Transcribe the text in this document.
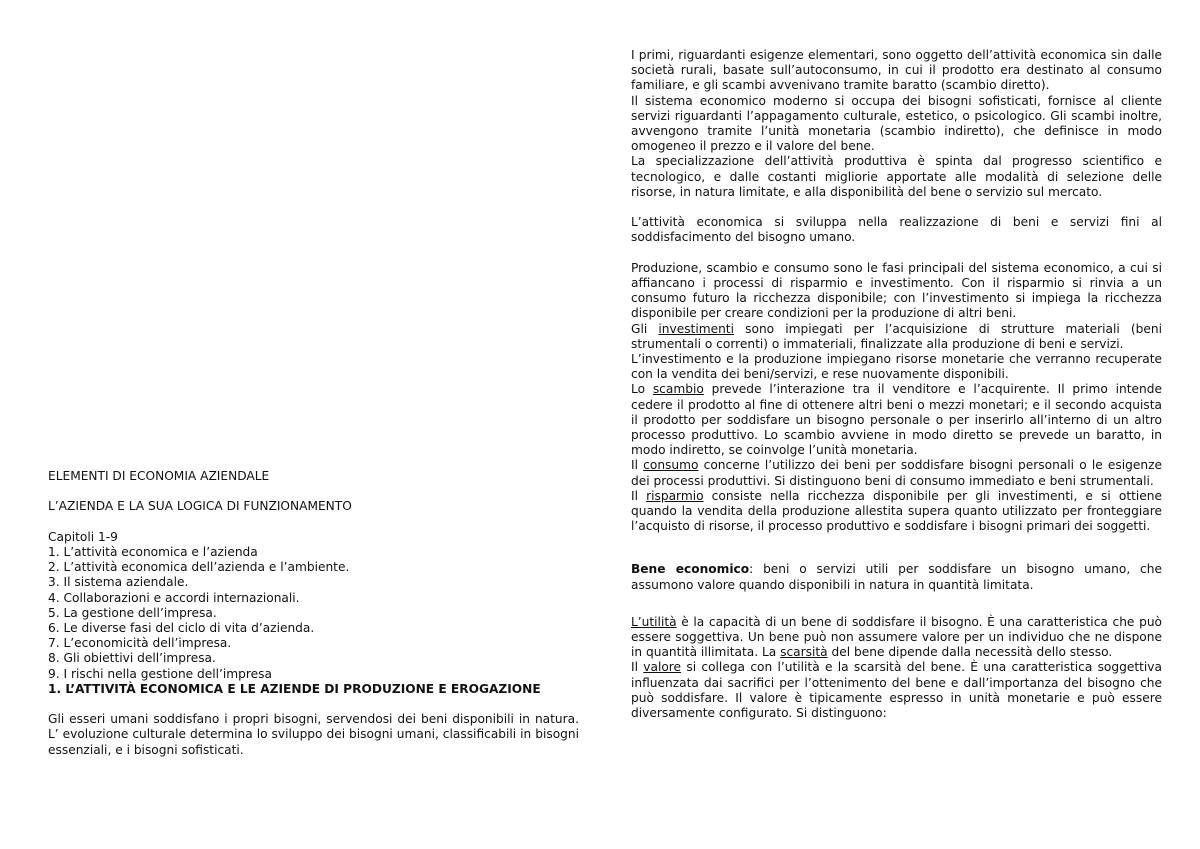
ELEMENTI DI ECONOMIA AZIENDALE

L’AZIENDA E LA SUA LOGICA DI FUNZIONAMENTO

Capitoli 1-9

1. L’attività economica e l’azienda

2. L’attività economica dell’azienda e l’ambiente.

3. Il sistema aziendale.

4. Collaborazioni e accordi internazionali.

5. La gestione dell’impresa.

6. Le diverse fasi del ciclo di vita d’azienda.

7. L’economicità dell’impresa.

8. Gli obiettivi dell’impresa.

9. I rischi nella gestione dell’impresa

1. L’ATTIVITÀ ECONOMICA E LE AZIENDE DI PRODUZIONE E EROGAZIONE

Gli esseri umani soddisfano i propri bisogni, servendosi dei beni disponibili in natura. L’ evoluzione culturale determina lo sviluppo dei bisogni umani, classificabili in bisogni essenziali, e i bisogni sofisticati.

I primi, riguardanti esigenze elementari, sono oggetto dell’attività economica sin dalle società rurali, basate sull’autoconsumo, in cui il prodotto era destinato al consumo familiare, e gli scambi avvenivano tramite baratto (scambio diretto).

Il sistema economico moderno si occupa dei bisogni sofisticati, fornisce al cliente servizi riguardanti l’appagamento culturale, estetico, o psicologico. Gli scambi inoltre, avvengono tramite l’unità monetaria (scambio indiretto), che definisce in modo omogeneo il prezzo e il valore del bene.

La specializzazione dell’attività produttiva è spinta dal progresso scientifico e tecnologico, e dalle costanti migliorie apportate alle modalità di selezione delle risorse, in natura limitate, e alla disponibilità del bene o servizio sul mercato.

L’attività economica si sviluppa nella realizzazione di beni e servizi fini al soddisfacimento del bisogno umano.

Produzione, scambio e consumo sono le fasi principali del sistema economico, a cui si affiancano i processi di risparmio e investimento. Con il risparmio si rinvia a un consumo futuro la ricchezza disponibile; con l’investimento si impiega la ricchezza disponibile per creare condizioni per la produzione di altri beni.

Gli investimenti sono impiegati per l’acquisizione di strutture materiali (beni strumentali o correnti) o immateriali, finalizzate alla produzione di beni e servizi.

L’investimento e la produzione impiegano risorse monetarie che verranno recuperate con la vendita dei beni/servizi, e rese nuovamente disponibili.

Lo scambio prevede l’interazione tra il venditore e l’acquirente. Il primo intende cedere il prodotto al fine di ottenere altri beni o mezzi monetari; e il secondo acquista il prodotto per soddisfare un bisogno personale o per inserirlo all’interno di un altro processo produttivo. Lo scambio avviene in modo diretto se prevede un baratto, in modo indiretto, se coinvolge l’unità monetaria.

Il consumo concerne l’utilizzo dei beni per soddisfare bisogni personali o le esigenze dei processi produttivi. Si distinguono beni di consumo immediato e beni strumentali.

Il risparmio consiste nella ricchezza disponibile per gli investimenti, e si ottiene quando la vendita della produzione allestita supera quanto utilizzato per fronteggiare l’acquisto di risorse, il processo produttivo e soddisfare i bisogni primari dei soggetti.

Bene economico: beni o servizi utili per soddisfare un bisogno umano, che assumono valore quando disponibili in natura in quantità limitata.

L’utilità è la capacità di un bene di soddisfare il bisogno. È una caratteristica che può essere soggettiva. Un bene può non assumere valore per un individuo che ne dispone in quantità illimitata. La scarsità del bene dipende dalla necessità dello stesso.

Il valore si collega con l’utilità e la scarsità del bene. È una caratteristica soggettiva influenzata dai sacrifici per l’ottenimento del bene e dall’importanza del bisogno che può soddisfare. Il valore è tipicamente espresso in unità monetarie e può essere diversamente configurato. Si distinguono:
